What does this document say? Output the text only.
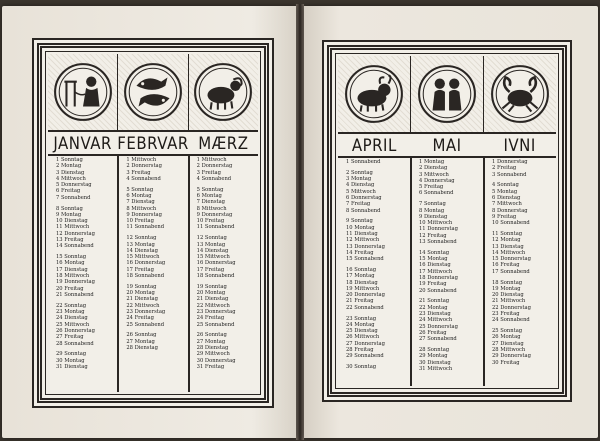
JANVAR FEBRVAR MÆRZ
1 Sonntag
2 Montag
3 Dienstag
4 Mittwoch
5 Donnerstag
6 Freitag
7 Sonnabend
8 Sonntag
9 Montag
10 Dienstag
11 Mittwoch
12 Donnerstag
13 Freitag
14 Sonnabend
15 Sonntag
16 Montag
17 Dienstag
18 Mittwoch
19 Donnerstag
20 Freitag
21 Sonnabend
22 Sonntag
23 Montag
24 Dienstag
25 Mittwoch
26 Donnerstag
27 Freitag
28 Sonnabend
29 Sonntag
30 Montag
31 Dienstag
1 Mittwoch
2 Donnerstag
3 Freitag
4 Sonnabend
5 Sonntag
6 Montag
7 Dienstag
8 Mittwoch
9 Donnerstag
10 Freitag
11 Sonnabend
12 Sonntag
13 Montag
14 Dienstag
15 Mittwoch
16 Donnerstag
17 Freitag
18 Sonnabend
19 Sonntag
20 Montag
21 Dienstag
22 Mittwoch
23 Donnerstag
24 Freitag
25 Sonnabend
26 Sonntag
27 Montag
28 Dienstag
1 Mittwoch
2 Donnerstag
3 Freitag
4 Sonnabend
5 Sonntag
6 Montag
7 Dienstag
8 Mittwoch
9 Donnerstag
10 Freitag
11 Sonnabend
12 Sonntag
13 Montag
14 Dienstag
15 Mittwoch
16 Donnerstag
17 Freitag
18 Sonnabend
19 Sonntag
20 Montag
21 Dienstag
22 Mittwoch
23 Donnerstag
24 Freitag
25 Sonnabend
26 Sonntag
27 Montag
28 Dienstag
29 Mittwoch
30 Donnerstag
31 Freitag
APRIL	MAI	IVNI
1 Sonnabend
2 Sonntag
3 Montag
4 Dienstag
5 Mittwoch
6 Donnerstag
7 Freitag
8 Sonnabend
9 Sonntag
10 Montag
11 Dienstag
12 Mittwoch
13 Donnerstag
14 Freitag
15 Sonnabend
16 Sonntag
17 Montag
18 Dienstag
19 Mittwoch
20 Donnerstag
21 Freitag
22 Sonnabend
23 Sonntag
24 Montag
25 Dienstag
26 Mittwoch
27 Donnerstag
28 Freitag
29 Sonnabend
30 Sonntag
1 Montag
2 Dienstag
3 Mittwoch
4 Donnerstag
5 Freitag
6 Sonnabend
7 Sonntag
8 Montag
9 Dienstag
10 Mittwoch
11 Donnerstag
12 Freitag
13 Sonnabend
14 Sonntag
15 Montag
16 Dienstag
17 Mittwoch
18 Donnerstag
19 Freitag
20 Sonnabend
21 Sonntag
22 Montag
23 Dienstag
24 Mittwoch
25 Donnerstag
26 Freitag
27 Sonnabend
28 Sonntag
29 Montag
30 Dienstag
31 Mittwoch
1 Donnerstag
2 Freitag
3 Sonnabend
4 Sonntag
5 Montag
6 Dienstag
7 Mittwoch
8 Donnerstag
9 Freitag
10 Sonnabend
11 Sonntag
12 Montag
13 Dienstag
14 Mittwoch
15 Donnerstag
16 Freitag
17 Sonnabend
18 Sonntag
19 Montag
20 Dienstag
21 Mittwoch
22 Donnerstag
23 Freitag
24 Sonnabend
25 Sonntag
26 Montag
27 Dienstag
28 Mittwoch
29 Donnerstag
30 Freitag
